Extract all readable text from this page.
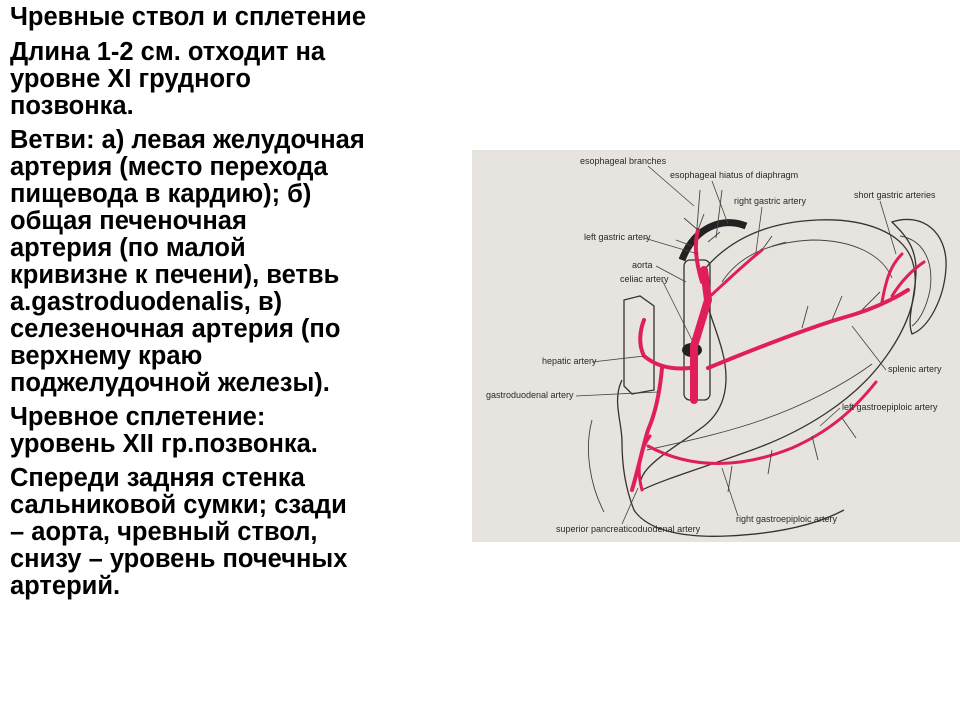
Чревные ствол и сплетение

Длина 1-2 см. отходит на
уровне XI грудного
позвонка.

Ветви: а) левая желудочная
артерия (место перехода
пищевода в кардию); б)
общая печеночная
артерия (по малой
кривизне к печени), ветвь
a.gastroduodenalis, в)
селезеночная артерия (по
верхнему краю
поджелудочной железы).

Чревное сплетение:
уровень XII гр.позвонка.

Спереди задняя стенка
сальниковой сумки; сзади
– аорта, чревный ствол,
снизу – уровень почечных
артерий.

esophageal branches
esophageal hiatus of diaphragm
right gastric artery
short gastric arteries
left gastric artery
aorta
celiac artery
hepatic artery
splenic artery
gastroduodenal artery
left gastroepiploic artery
right gastroepiploic artery
superior pancreaticoduodenal artery
